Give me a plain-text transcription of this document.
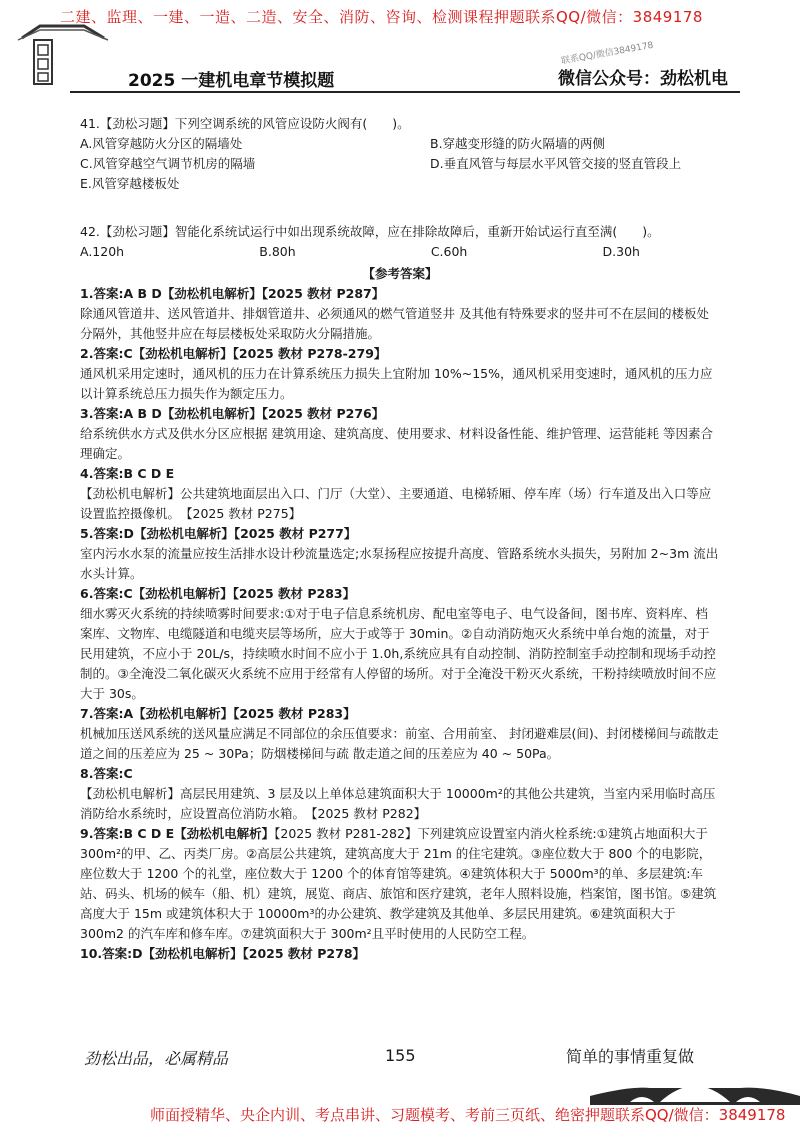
二建、监理、一建、一造、二造、安全、消防、咨询、检测课程押题联系QQ/微信：3849178
2025 一建机电章节模拟题
联系QQ/微信3849178
微信公众号：劲松机电

41.【劲松习题】下列空调系统的风管应设防火阀有(　　)。

A.风管穿越防火分区的隔墙处	B.穿越变形缝的防火隔墙的两侧
C.风管穿越空气调节机房的隔墙	D.垂直风管与每层水平风管交接的竖直管段上
E.风管穿越楼板处

42.【劲松习题】智能化系统试运行中如出现系统故障，应在排除故障后，重新开始试运行直至满(　　)。

A.120h	B.80h	C.60h	D.30h
【参考答案】
1.答案:A B D【劲松机电解析】【2025 教材 P287】

除通风管道井、送风管道井、排烟管道井、必须通风的燃气管道竖井 及其他有特殊要求的竖井可不在层间的楼板处分隔外，其他竖井应在每层楼板处采取防火分隔措施。

2.答案:C【劲松机电解析】【2025 教材 P278-279】

通风机采用定速时，通风机的压力在计算系统压力损失上宜附加 10%~15%，通风机采用变速时，通风机的压力应以计算系统总压力损失作为额定压力。

3.答案:A B D【劲松机电解析】【2025 教材 P276】

给系统供水方式及供水分区应根据 建筑用途、建筑高度、使用要求、材料设备性能、维护管理、运营能耗 等因素合理确定。

4.答案:B C D E

【劲松机电解析】公共建筑地面层出入口、门厅（大堂）、主要通道、电梯轿厢、停车库（场）行车道及出入口等应设置监控摄像机。　【2025 教材 P275】

5.答案:D【劲松机电解析】【2025 教材 P277】

室内污水水泵的流量应按生活排水设计秒流量选定;水泵扬程应按提升高度、管路系统水头损失，另附加 2~3m 流出水头计算。

6.答案:C【劲松机电解析】【2025 教材 P283】

细水雾灭火系统的持续喷雾时间要求:①对于电子信息系统机房、配电室等电子、电气设备间，图书库、资料库、档案库、文物库、电缆隧道和电缆夹层等场所，应大于或等于 30min。②自动消防炮灭火系统中单台炮的流量，对于民用建筑，不应小于 20L/s，持续喷水时间不应小于 1.0h,系统应具有自动控制、消防控制室手动控制和现场手动控制的。③全淹没二氧化碳灭火系统不应用于经常有人停留的场所。对于全淹没干粉灭火系统，干粉持续喷放时间不应大于 30s。

7.答案:A【劲松机电解析】【2025 教材 P283】

机械加压送风系统的送风量应满足不同部位的余压值要求：前室、合用前室、 封闭避难层(间)、封闭楼梯间与疏散走道之间的压差应为 25 ~ 30Pa；防烟楼梯间与疏 散走道之间的压差应为 40 ~ 50Pa。

8.答案:C

【劲松机电解析】高层民用建筑、3 层及以上单体总建筑面积大于 10000m²的其他公共建筑，当室内采用临时高压消防给水系统时，应设置高位消防水箱。　【2025 教材 P282】

9.答案:B C D E【劲松机电解析】【2025 教材 P281-282】下列建筑应设置室内消火栓系统:①建筑占地面积大于 300m²的甲、乙、丙类厂房。②高层公共建筑，建筑高度大于 21m 的住宅建筑。③座位数大于 800 个的电影院，座位数大于 1200 个的礼堂，座位数大于 1200 个的体育馆等建筑。④建筑体积大于 5000m³的单、多层建筑:车站、码头、机场的候车（船、机）建筑，展览、商店、旅馆和医疗建筑，老年人照料设施，档案馆，图书馆。⑤建筑高度大于 15m 或建筑体积大于 10000m³的办公建筑、教学建筑及其他单、多层民用建筑。⑥建筑面积大于 300m2 的汽车库和修车库。⑦建筑面积大于 300m²且平时使用的人民防空工程。

10.答案:D【劲松机电解析】【2025 教材 P278】
劲松出品，必属精品	155	简单的事情重复做
师面授精华、央企内训、考点串讲、习题模考、考前三页纸、绝密押题联系QQ/微信：3849178
